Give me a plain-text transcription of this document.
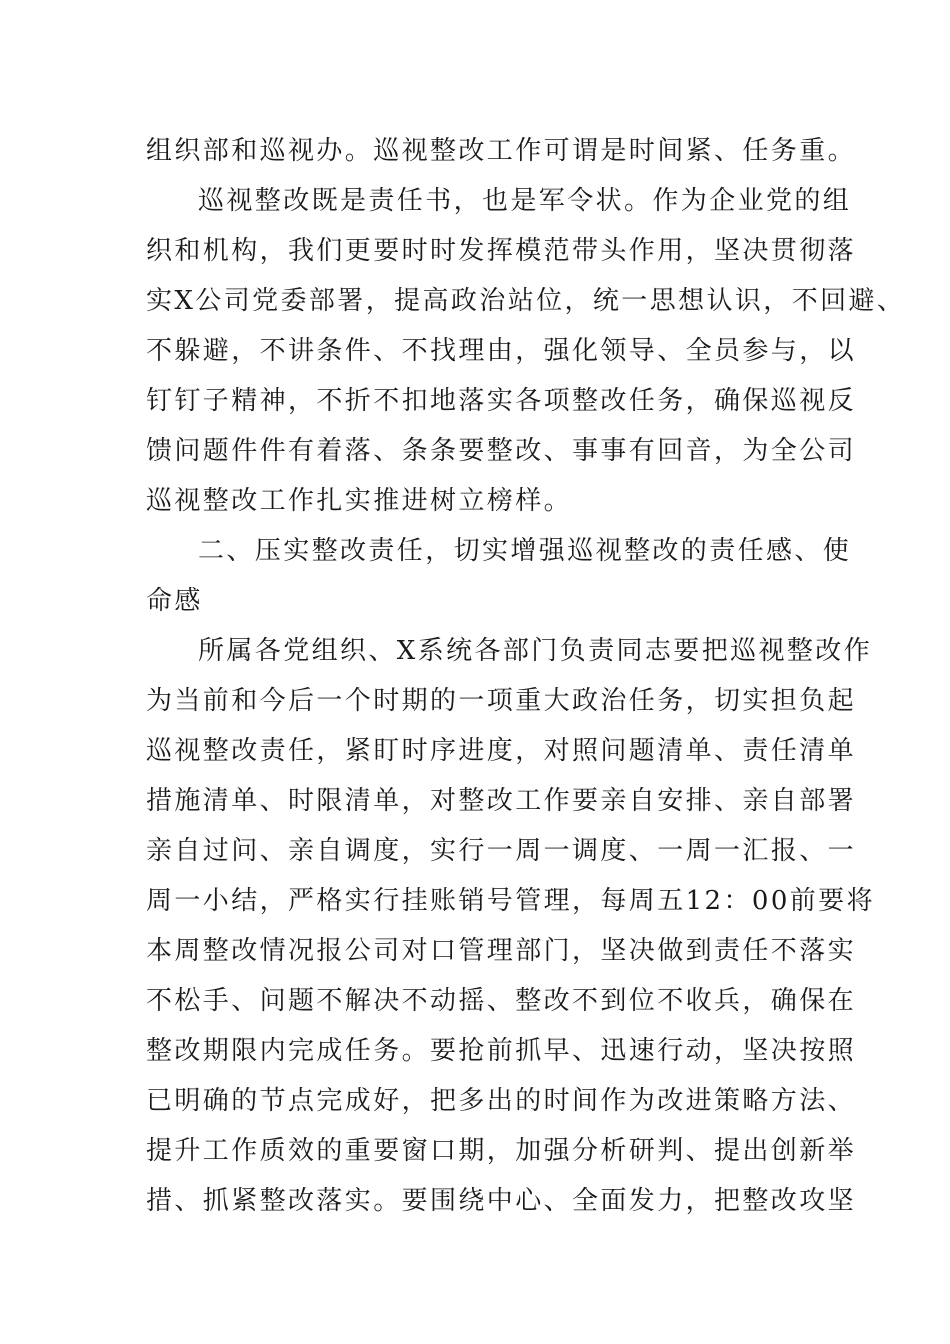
组织部和巡视办。巡视整改工作可谓是时间紧、任务重。
巡视整改既是责任书，也是军令状。作为企业党的组
织和机构，我们更要时时发挥模范带头作用，坚决贯彻落
实X公司党委部署，提高政治站位，统一思想认识，不回避、
不躲避，不讲条件、不找理由，强化领导、全员参与，以
钉钉子精神，不折不扣地落实各项整改任务，确保巡视反
馈问题件件有着落、条条要整改、事事有回音，为全公司
巡视整改工作扎实推进树立榜样。
二、压实整改责任，切实增强巡视整改的责任感、使
命感
所属各党组织、X系统各部门负责同志要把巡视整改作
为当前和今后一个时期的一项重大政治任务，切实担负起
巡视整改责任，紧盯时序进度，对照问题清单、责任清单
措施清单、时限清单，对整改工作要亲自安排、亲自部署
亲自过问、亲自调度，实行一周一调度、一周一汇报、一
周一小结，严格实行挂账销号管理，每周五12：00前要将
本周整改情况报公司对口管理部门，坚决做到责任不落实
不松手、问题不解决不动摇、整改不到位不收兵，确保在
整改期限内完成任务。要抢前抓早、迅速行动，坚决按照
已明确的节点完成好，把多出的时间作为改进策略方法、
提升工作质效的重要窗口期，加强分析研判、提出创新举
措、抓紧整改落实。要围绕中心、全面发力，把整改攻坚
